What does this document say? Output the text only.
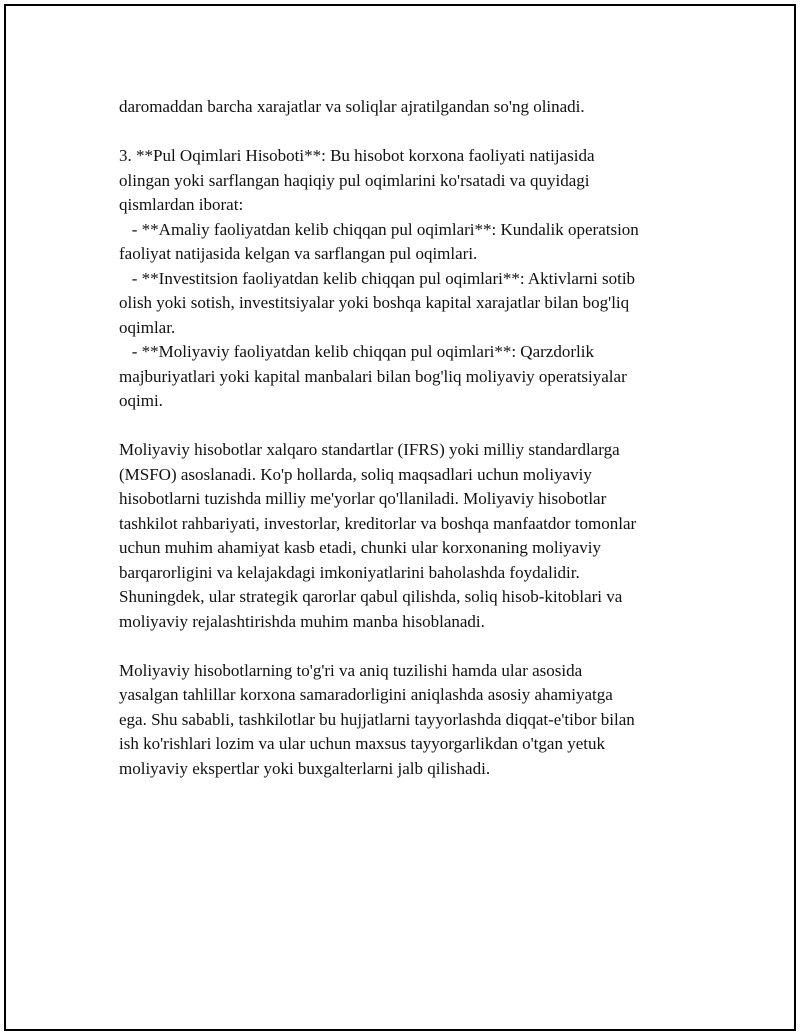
daromaddan barcha xarajatlar va soliqlar ajratilgandan so'ng olinadi.
3. **Pul Oqimlari Hisoboti**: Bu hisobot korxona faoliyati natijasida
olingan yoki sarflangan haqiqiy pul oqimlarini ko'rsatadi va quyidagi
qismlardan iborat:
- **Amaliy faoliyatdan kelib chiqqan pul oqimlari**: Kundalik operatsion
faoliyat natijasida kelgan va sarflangan pul oqimlari.
- **Investitsion faoliyatdan kelib chiqqan pul oqimlari**: Aktivlarni sotib
olish yoki sotish, investitsiyalar yoki boshqa kapital xarajatlar bilan bog'liq
oqimlar.
- **Moliyaviy faoliyatdan kelib chiqqan pul oqimlari**: Qarzdorlik
majburiyatlari yoki kapital manbalari bilan bog'liq moliyaviy operatsiyalar
oqimi.
Moliyaviy hisobotlar xalqaro standartlar (IFRS) yoki milliy standardlarga
(MSFO) asoslanadi. Ko'p hollarda, soliq maqsadlari uchun moliyaviy
hisobotlarni tuzishda milliy me'yorlar qo'llaniladi. Moliyaviy hisobotlar
tashkilot rahbariyati, investorlar, kreditorlar va boshqa manfaatdor tomonlar
uchun muhim ahamiyat kasb etadi, chunki ular korxonaning moliyaviy
barqarorligini va kelajakdagi imkoniyatlarini baholashda foydalidir.
Shuningdek, ular strategik qarorlar qabul qilishda, soliq hisob-kitoblari va
moliyaviy rejalashtirishda muhim manba hisoblanadi.
Moliyaviy hisobotlarning to'g'ri va aniq tuzilishi hamda ular asosida
yasalgan tahlillar korxona samaradorligini aniqlashda asosiy ahamiyatga
ega. Shu sababli, tashkilotlar bu hujjatlarni tayyorlashda diqqat-e'tibor bilan
ish ko'rishlari lozim va ular uchun maxsus tayyorgarlikdan o'tgan yetuk
moliyaviy ekspertlar yoki buxgalterlarni jalb qilishadi.
